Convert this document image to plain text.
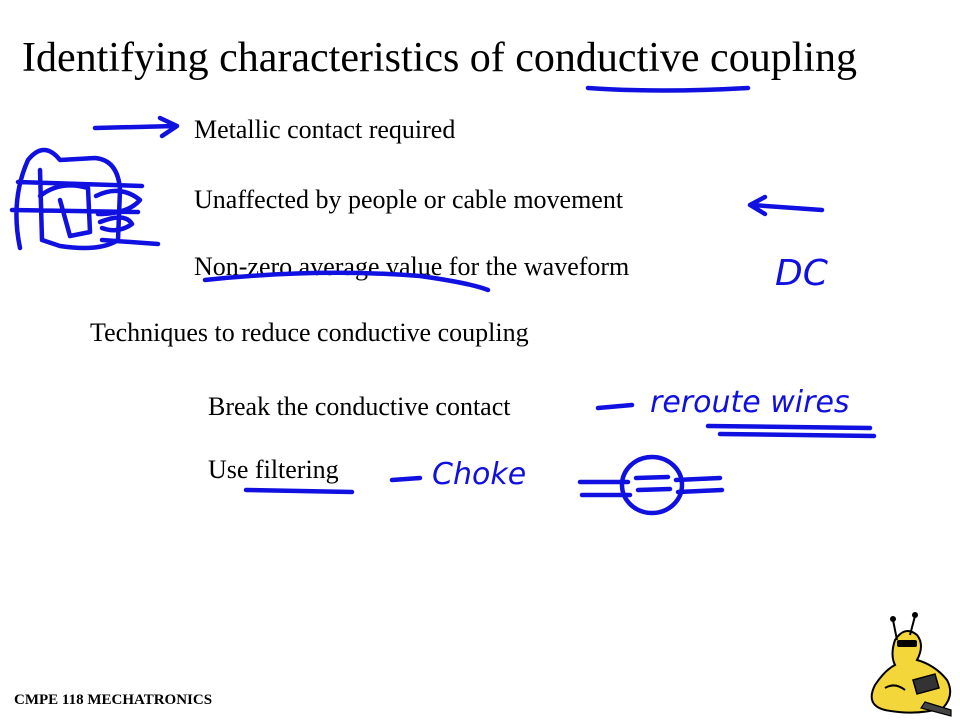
Identifying characteristics of conductive coupling
Metallic contact required
Unaffected by people or cable movement
Non-zero average value for the waveform
Techniques to reduce conductive coupling
Break the conductive contact
Use filtering
CMPE 118 MECHATRONICS
DC
reroute wires
Choke
